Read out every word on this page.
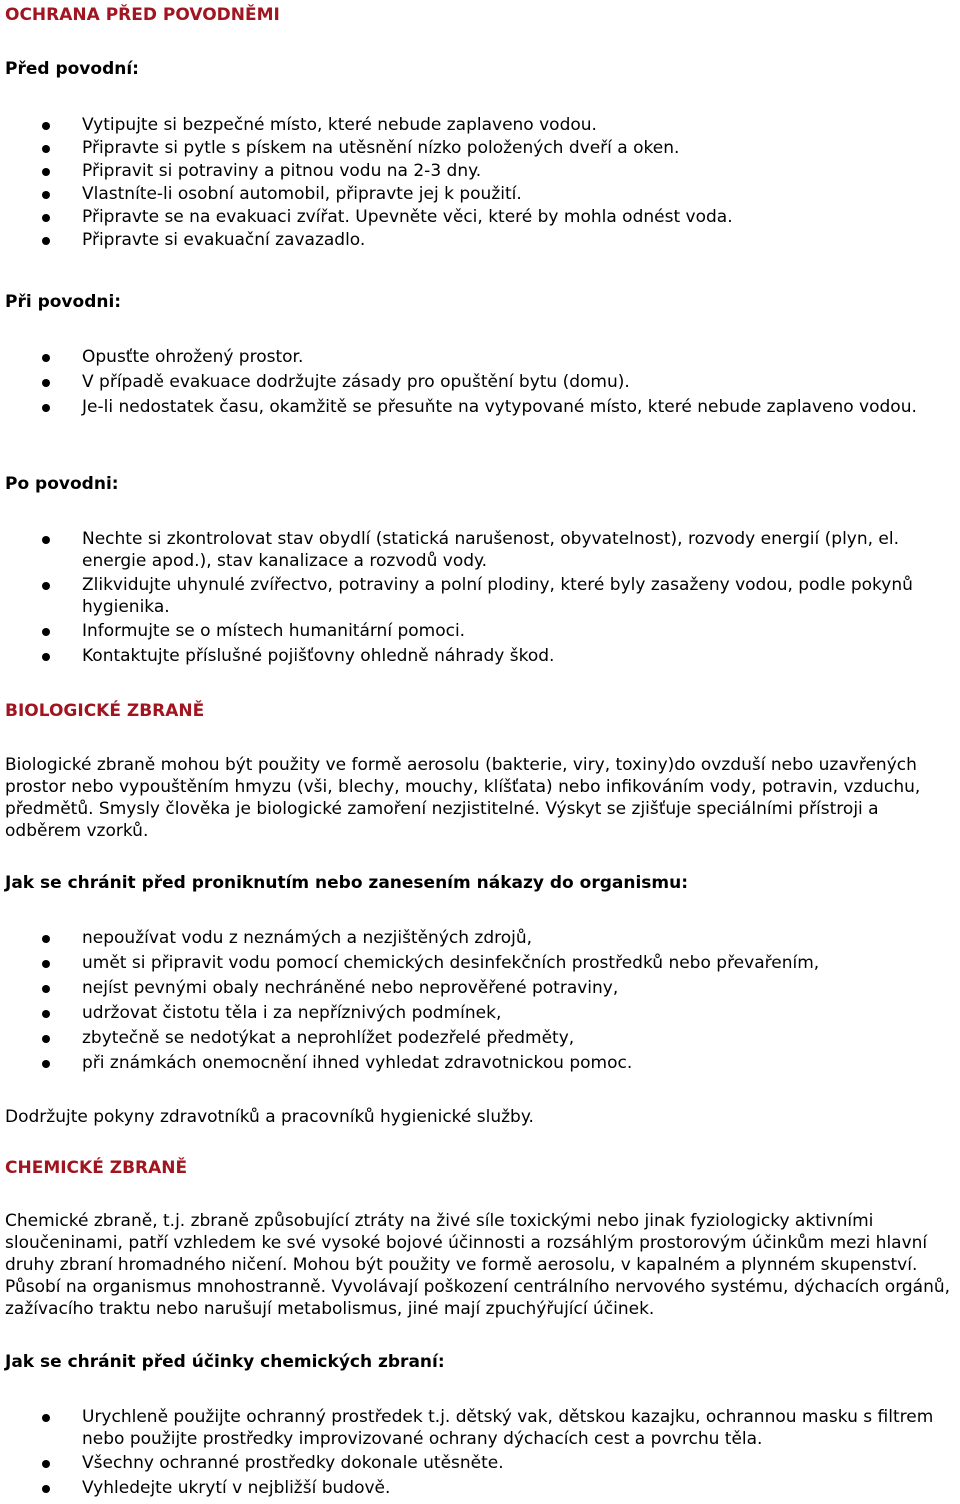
OCHRANA PŘED POVODNĚMI
Před povodní:
Vytipujte si bezpečné místo, které nebude zaplaveno vodou.
Připravte si pytle s pískem na utěsnění nízko položených dveří a oken.
Připravit si potraviny a pitnou vodu na 2-3 dny.
Vlastníte-li osobní automobil, připravte jej k použití.
Připravte se na evakuaci zvířat. Upevněte věci, které by mohla odnést voda.
Připravte si evakuační zavazadlo.
Při povodni:
Opusťte ohrožený prostor.
V případě evakuace dodržujte zásady pro opuštění bytu (domu).
Je-li nedostatek času, okamžitě se přesuňte na vytypované místo, které nebude zaplaveno vodou.
Po povodni:
Nechte si zkontrolovat stav obydlí (statická narušenost, obyvatelnost), rozvody energií (plyn, el. energie apod.), stav kanalizace a rozvodů vody.
Zlikvidujte uhynulé zvířectvo, potraviny a polní plodiny, které byly zasaženy vodou, podle pokynů hygienika.
Informujte se o místech humanitární pomoci.
Kontaktujte příslušné pojišťovny ohledně náhrady škod.
BIOLOGICKÉ ZBRANĚ

Biologické zbraně mohou být použity ve formě aerosolu (bakterie, viry, toxiny)do ovzduší nebo uzavřených prostor nebo vypouštěním hmyzu (vši, blechy, mouchy, klíšťata) nebo infikováním vody, potravin, vzduchu, předmětů. Smysly člověka je biologické zamoření nezjistitelné. Výskyt se zjišťuje speciálními přístroji a odběrem vzorků.

Jak se chránit před proniknutím nebo zanesením nákazy do organismu:
nepoužívat vodu z neznámých a nezjištěných zdrojů,
umět si připravit vodu pomocí chemických desinfekčních prostředků nebo převařením,
nejíst pevnými obaly nechráněné nebo neprověřené potraviny,
udržovat čistotu těla i za nepříznivých podmínek,
zbytečně se nedotýkat a neprohlížet podezřelé předměty,
při známkách onemocnění ihned vyhledat zdravotnickou pomoc.

Dodržujte pokyny zdravotníků a pracovníků hygienické služby.

CHEMICKÉ ZBRANĚ

Chemické zbraně, t.j. zbraně způsobující ztráty na živé síle toxickými nebo jinak fyziologicky aktivními sloučeninami, patří vzhledem ke své vysoké bojové účinnosti a rozsáhlým prostorovým účinkům mezi hlavní druhy zbraní hromadného ničení. Mohou být použity ve formě aerosolu, v kapalném a plynném skupenství. Působí na organismus mnohostranně. Vyvolávají poškození centrálního nervového systému, dýchacích orgánů, zažívacího traktu nebo narušují metabolismus, jiné mají zpuchýřující účinek.

Jak se chránit před účinky chemických zbraní:
Urychleně použijte ochranný prostředek t.j. dětský vak, dětskou kazajku, ochrannou masku s filtrem nebo použijte prostředky improvizované ochrany dýchacích cest a povrchu těla.
Všechny ochranné prostředky dokonale utěsněte.
Vyhledejte ukrytí v nejbližší budově.
